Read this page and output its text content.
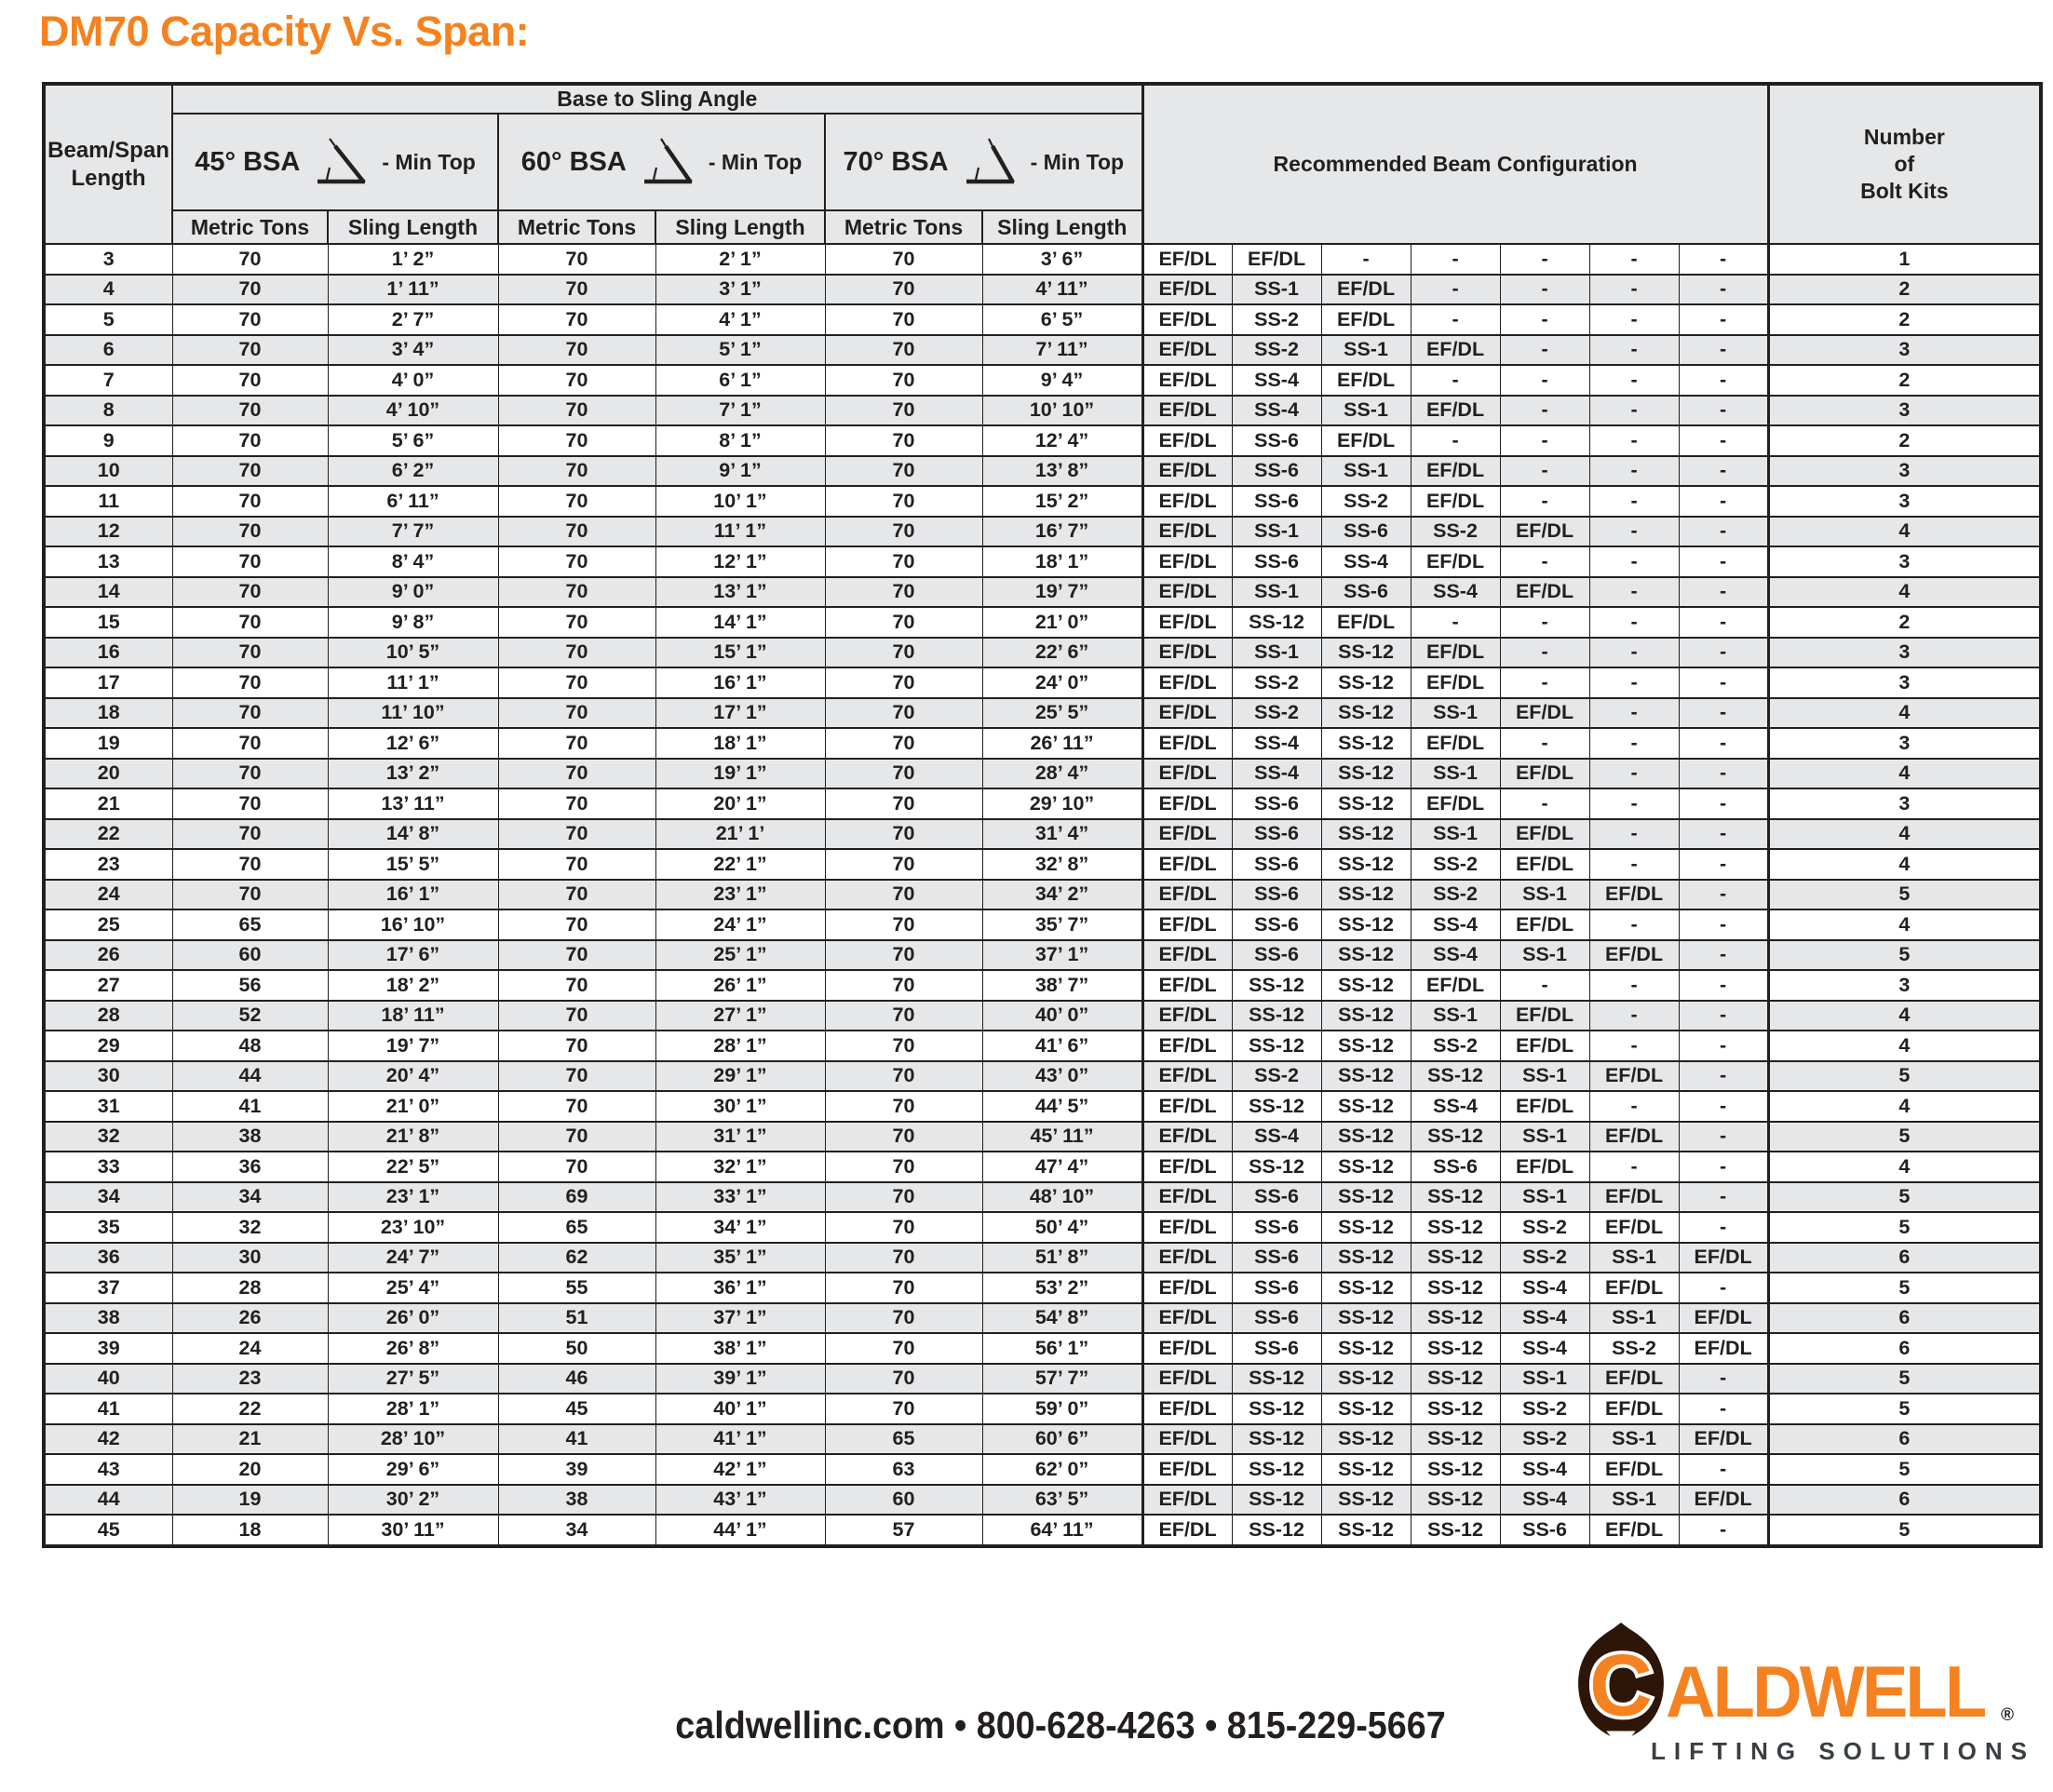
DM70 Capacity Vs. Span:
Beam/Span
Length	Base to Sling Angle						Recommended Beam Configuration							Number
of
Bolt Kits

	45° BSA - Min Top		60° BSA - Min Top		70° BSA - Min Top									

	Metric Tons	Sling Length	Metric Tons	Sling Length	Metric Tons	Sling Length								
3	70	1’ 2”	70	2’ 1”	70	3’ 6”	EF/DL	EF/DL	-	-	-	-	-	1
4	70	1’ 11”	70	3’ 1”	70	4’ 11”	EF/DL	SS-1	EF/DL	-	-	-	-	2
5	70	2’ 7”	70	4’ 1”	70	6’ 5”	EF/DL	SS-2	EF/DL	-	-	-	-	2
6	70	3’ 4”	70	5’ 1”	70	7’ 11”	EF/DL	SS-2	SS-1	EF/DL	-	-	-	3
7	70	4’ 0”	70	6’ 1”	70	9’ 4”	EF/DL	SS-4	EF/DL	-	-	-	-	2
8	70	4’ 10”	70	7’ 1”	70	10’ 10”	EF/DL	SS-4	SS-1	EF/DL	-	-	-	3
9	70	5’ 6”	70	8’ 1”	70	12’ 4”	EF/DL	SS-6	EF/DL	-	-	-	-	2
10	70	6’ 2”	70	9’ 1”	70	13’ 8”	EF/DL	SS-6	SS-1	EF/DL	-	-	-	3
11	70	6’ 11”	70	10’ 1”	70	15’ 2”	EF/DL	SS-6	SS-2	EF/DL	-	-	-	3
12	70	7’ 7”	70	11’ 1”	70	16’ 7”	EF/DL	SS-1	SS-6	SS-2	EF/DL	-	-	4
13	70	8’ 4”	70	12’ 1”	70	18’ 1”	EF/DL	SS-6	SS-4	EF/DL	-	-	-	3
14	70	9’ 0”	70	13’ 1”	70	19’ 7”	EF/DL	SS-1	SS-6	SS-4	EF/DL	-	-	4
15	70	9’ 8”	70	14’ 1”	70	21’ 0”	EF/DL	SS-12	EF/DL	-	-	-	-	2
16	70	10’ 5”	70	15’ 1”	70	22’ 6”	EF/DL	SS-1	SS-12	EF/DL	-	-	-	3
17	70	11’ 1”	70	16’ 1”	70	24’ 0”	EF/DL	SS-2	SS-12	EF/DL	-	-	-	3
18	70	11’ 10”	70	17’ 1”	70	25’ 5”	EF/DL	SS-2	SS-12	SS-1	EF/DL	-	-	4
19	70	12’ 6”	70	18’ 1”	70	26’ 11”	EF/DL	SS-4	SS-12	EF/DL	-	-	-	3
20	70	13’ 2”	70	19’ 1”	70	28’ 4”	EF/DL	SS-4	SS-12	SS-1	EF/DL	-	-	4
21	70	13’ 11”	70	20’ 1”	70	29’ 10”	EF/DL	SS-6	SS-12	EF/DL	-	-	-	3
22	70	14’ 8”	70	21’ 1’	70	31’ 4”	EF/DL	SS-6	SS-12	SS-1	EF/DL	-	-	4
23	70	15’ 5”	70	22’ 1”	70	32’ 8”	EF/DL	SS-6	SS-12	SS-2	EF/DL	-	-	4
24	70	16’ 1”	70	23’ 1”	70	34’ 2”	EF/DL	SS-6	SS-12	SS-2	SS-1	EF/DL	-	5
25	65	16’ 10”	70	24’ 1”	70	35’ 7”	EF/DL	SS-6	SS-12	SS-4	EF/DL	-	-	4
26	60	17’ 6”	70	25’ 1”	70	37’ 1”	EF/DL	SS-6	SS-12	SS-4	SS-1	EF/DL	-	5
27	56	18’ 2”	70	26’ 1”	70	38’ 7”	EF/DL	SS-12	SS-12	EF/DL	-	-	-	3
28	52	18’ 11”	70	27’ 1”	70	40’ 0”	EF/DL	SS-12	SS-12	SS-1	EF/DL	-	-	4
29	48	19’ 7”	70	28’ 1”	70	41’ 6”	EF/DL	SS-12	SS-12	SS-2	EF/DL	-	-	4
30	44	20’ 4”	70	29’ 1”	70	43’ 0”	EF/DL	SS-2	SS-12	SS-12	SS-1	EF/DL	-	5
31	41	21’ 0”	70	30’ 1”	70	44’ 5”	EF/DL	SS-12	SS-12	SS-4	EF/DL	-	-	4
32	38	21’ 8”	70	31’ 1”	70	45’ 11”	EF/DL	SS-4	SS-12	SS-12	SS-1	EF/DL	-	5
33	36	22’ 5”	70	32’ 1”	70	47’ 4”	EF/DL	SS-12	SS-12	SS-6	EF/DL	-	-	4
34	34	23’ 1”	69	33’ 1”	70	48’ 10”	EF/DL	SS-6	SS-12	SS-12	SS-1	EF/DL	-	5
35	32	23’ 10”	65	34’ 1”	70	50’ 4”	EF/DL	SS-6	SS-12	SS-12	SS-2	EF/DL	-	5
36	30	24’ 7”	62	35’ 1”	70	51’ 8”	EF/DL	SS-6	SS-12	SS-12	SS-2	SS-1	EF/DL	6
37	28	25’ 4”	55	36’ 1”	70	53’ 2”	EF/DL	SS-6	SS-12	SS-12	SS-4	EF/DL	-	5
38	26	26’ 0”	51	37’ 1”	70	54’ 8”	EF/DL	SS-6	SS-12	SS-12	SS-4	SS-1	EF/DL	6
39	24	26’ 8”	50	38’ 1”	70	56’ 1”	EF/DL	SS-6	SS-12	SS-12	SS-4	SS-2	EF/DL	6
40	23	27’ 5”	46	39’ 1”	70	57’ 7”	EF/DL	SS-12	SS-12	SS-12	SS-1	EF/DL	-	5
41	22	28’ 1”	45	40’ 1”	70	59’ 0”	EF/DL	SS-12	SS-12	SS-12	SS-2	EF/DL	-	5
42	21	28’ 10”	41	41’ 1”	65	60’ 6”	EF/DL	SS-12	SS-12	SS-12	SS-2	SS-1	EF/DL	6
43	20	29’ 6”	39	42’ 1”	63	62’ 0”	EF/DL	SS-12	SS-12	SS-12	SS-4	EF/DL	-	5
44	19	30’ 2”	38	43’ 1”	60	63’ 5”	EF/DL	SS-12	SS-12	SS-12	SS-4	SS-1	EF/DL	6
45	18	30’ 11”	34	44’ 1”	57	64’ 11”	EF/DL	SS-12	SS-12	SS-12	SS-6	EF/DL	-	5
caldwellinc.com • 800-628-4263 • 815-229-5667 C ALDWELL ®
LIFTING SOLUTIONS
